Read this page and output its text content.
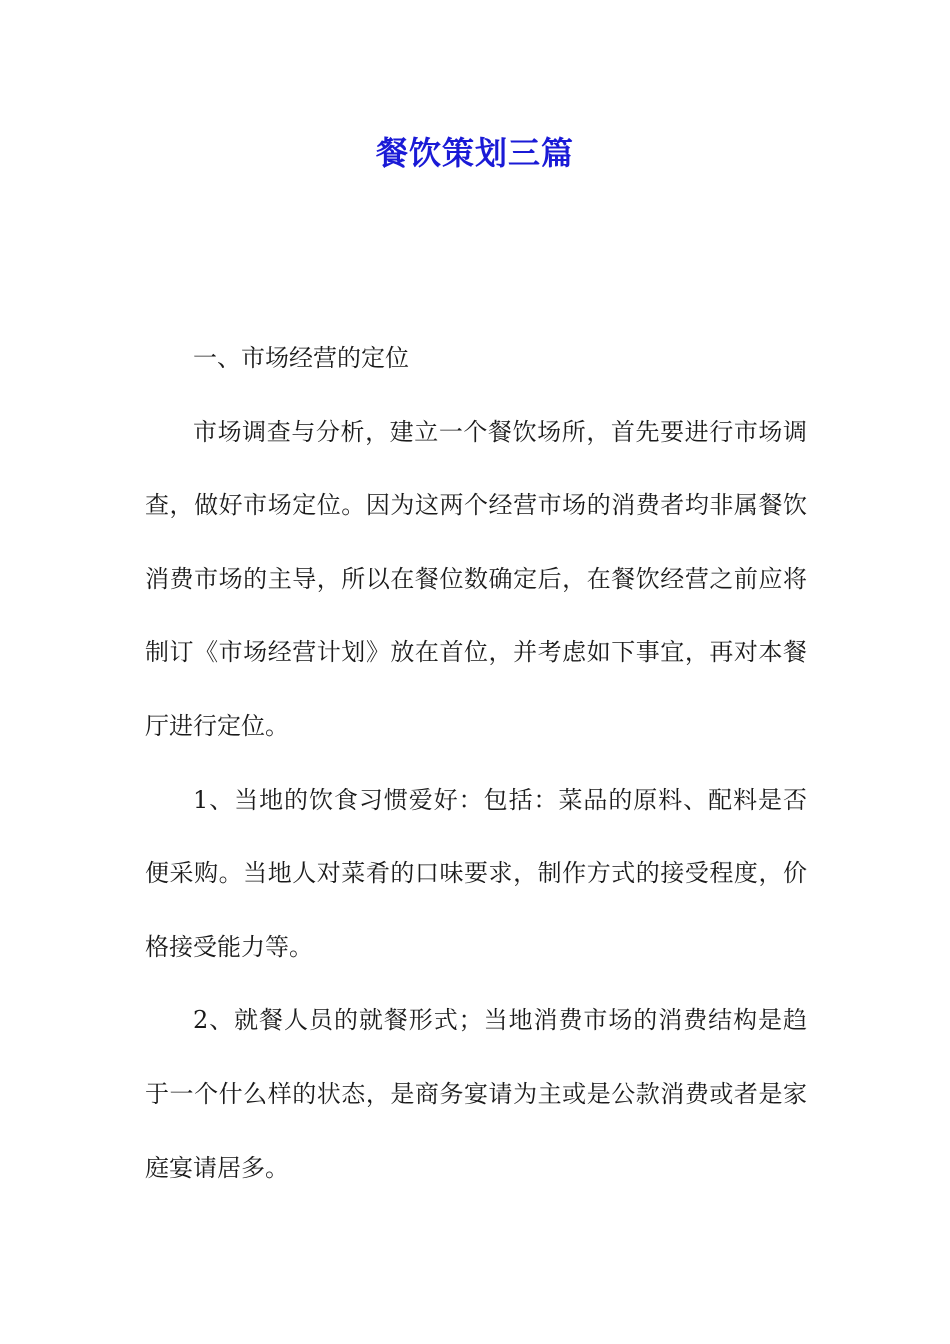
餐饮策划三篇

一、市场经营的定位

市场调查与分析，建立一个餐饮场所，首先要进行市场调查，做好市场定位。因为这两个经营市场的消费者均非属餐饮消费市场的主导，所以在餐位数确定后，在餐饮经营之前应将制订《市场经营计划》放在首位，并考虑如下事宜，再对本餐厅进行定位。

1、当地的饮食习惯爱好：包括：菜品的原料、配料是否便采购。当地人对菜肴的口味要求，制作方式的接受程度，价格接受能力等。

2、就餐人员的就餐形式；当地消费市场的消费结构是趋于一个什么样的状态，是商务宴请为主或是公款消费或者是家庭宴请居多。
